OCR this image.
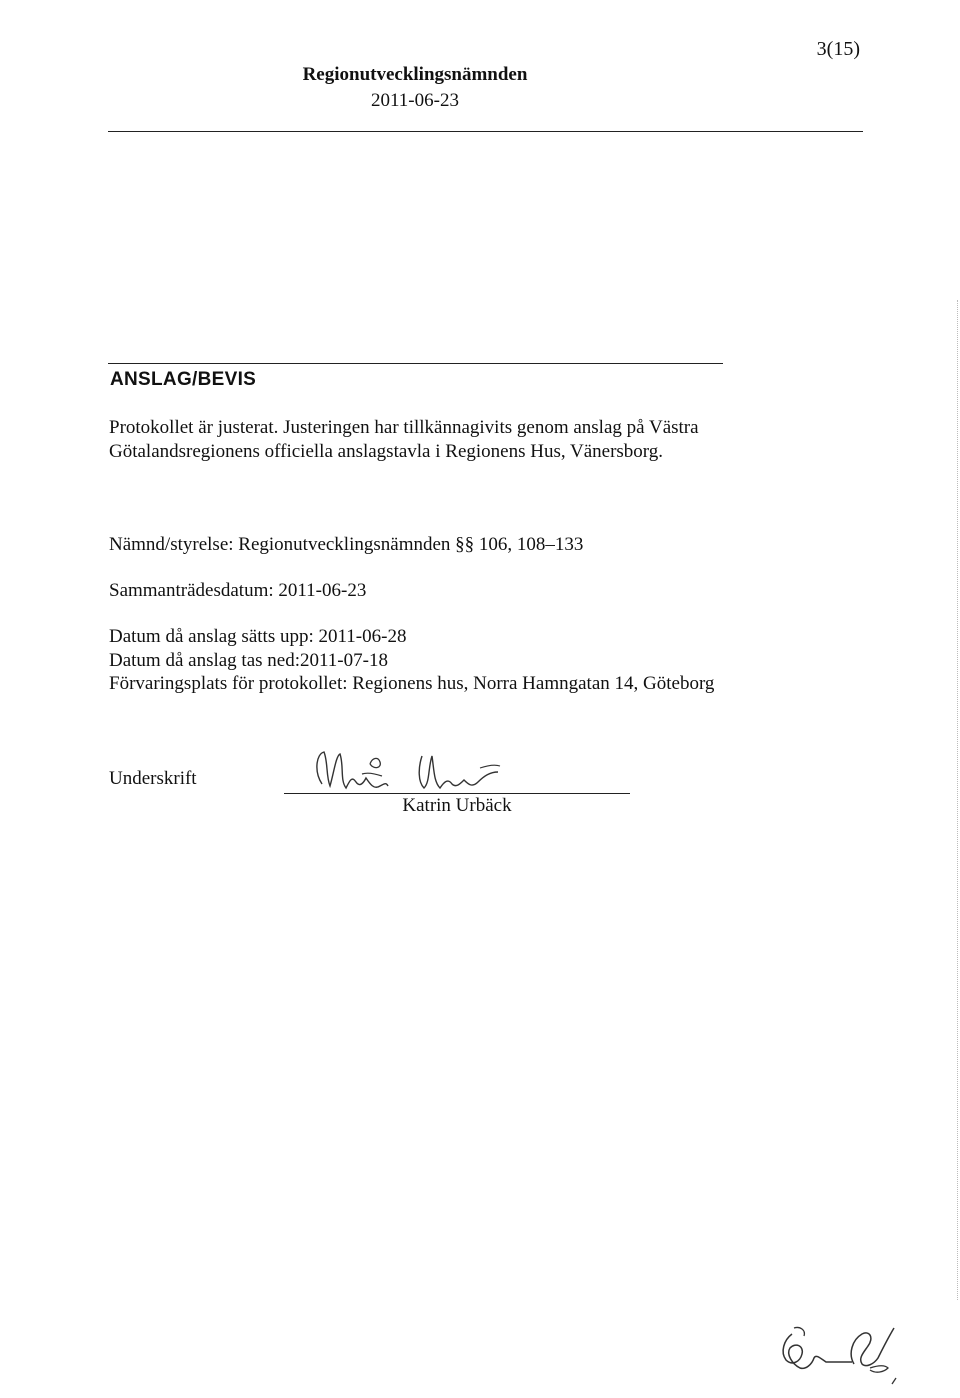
3(15)
Regionutvecklingsnämnden
2011-06-23
ANSLAG/BEVIS
Protokollet är justerat. Justeringen har tillkännagivits genom anslag på Västra Götalandsregionens officiella anslagstavla i Regionens Hus, Vänersborg.
Nämnd/styrelse: Regionutvecklingsnämnden §§ 106, 108–133
Sammanträdesdatum: 2011-06-23
Datum då anslag sätts upp: 2011-06-28
Datum då anslag tas ned:2011-07-18
Förvaringsplats för protokollet: Regionens hus, Norra Hamngatan 14, Göteborg
Underskrift
Katrin Urbäck
